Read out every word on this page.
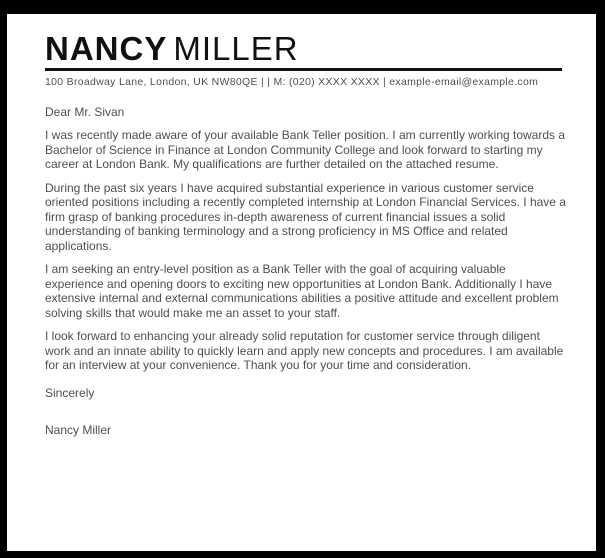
NANCY MILLER
100 Broadway Lane, London, UK NW80QE | | M: (020) XXXX XXXX | example-email@example.com
Dear Mr. Sivan

I was recently made aware of your available Bank Teller position. I am currently working towards a Bachelor of Science in Finance at London Community College and look forward to starting my career at London Bank. My qualifications are further detailed on the attached resume.

During the past six years I have acquired substantial experience in various customer service oriented positions including a recently completed internship at London Financial Services. I have a firm grasp of banking procedures in-depth awareness of current financial issues a solid understanding of banking terminology and a strong proficiency in MS Office and related applications.

I am seeking an entry-level position as a Bank Teller with the goal of acquiring valuable experience and opening doors to exciting new opportunities at London Bank. Additionally I have extensive internal and external communications abilities a positive attitude and excellent problem solving skills that would make me an asset to your staff.

I look forward to enhancing your already solid reputation for customer service through diligent work and an innate ability to quickly learn and apply new concepts and procedures. I am available for an interview at your convenience. Thank you for your time and consideration.

Sincerely
Nancy Miller
